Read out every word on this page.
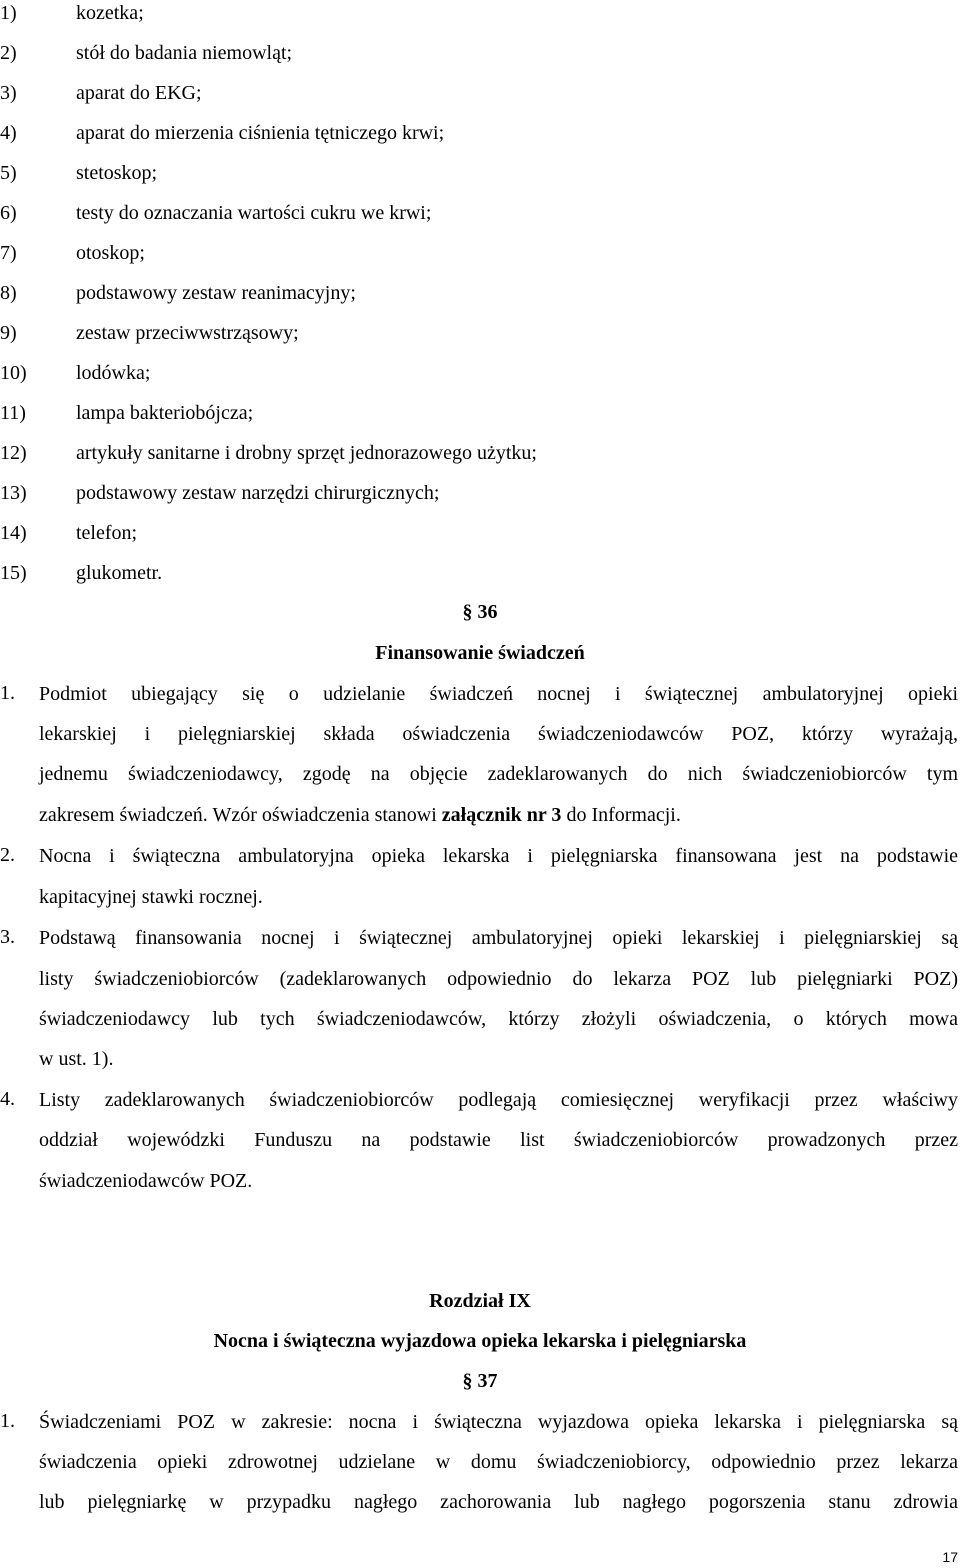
1)	kozetka;
2)	stół do badania niemowląt;
3)	aparat do EKG;
4)	aparat do mierzenia ciśnienia tętniczego krwi;
5)	stetoskop;
6)	testy do oznaczania wartości cukru we krwi;
7)	otoskop;
8)	podstawowy zestaw reanimacyjny;
9)	zestaw przeciwwstrząsowy;
10)	lodówka;
11)	lampa bakteriobójcza;
12)	artykuły sanitarne i drobny sprzęt jednorazowego użytku;
13)	podstawowy zestaw narzędzi chirurgicznych;
14)	telefon;
15)	glukometr.
§ 36
Finansowanie świadczeń
1. Podmiot ubiegający się o udzielanie świadczeń nocnej i świątecznej ambulatoryjnej opieki
lekarskiej i pielęgniarskiej składa oświadczenia świadczeniodawców POZ, którzy wyrażają,
jednemu świadczeniodawcy, zgodę na objęcie zadeklarowanych do nich świadczeniobiorców tym
zakresem świadczeń. Wzór oświadczenia stanowi załącznik nr 3 do Informacji.
2. Nocna i świąteczna ambulatoryjna opieka lekarska i pielęgniarska finansowana jest na podstawie
kapitacyjnej stawki rocznej.
3. Podstawą finansowania nocnej i świątecznej ambulatoryjnej opieki lekarskiej i pielęgniarskiej są
listy świadczeniobiorców (zadeklarowanych odpowiednio do lekarza POZ lub pielęgniarki POZ)
świadczeniodawcy lub tych świadczeniodawców, którzy złożyli oświadczenia, o których mowa
w ust. 1).
4. Listy zadeklarowanych świadczeniobiorców podlegają comiesięcznej weryfikacji przez właściwy
oddział wojewódzki Funduszu na podstawie list świadczeniobiorców prowadzonych przez
świadczeniodawców POZ.
Rozdział IX
Nocna i świąteczna wyjazdowa opieka lekarska i pielęgniarska
§ 37
1. Świadczeniami POZ w zakresie: nocna i świąteczna wyjazdowa opieka lekarska i pielęgniarska są
świadczenia opieki zdrowotnej udzielane w domu świadczeniobiorcy, odpowiednio przez lekarza
lub pielęgniarkę w przypadku nagłego zachorowania lub nagłego pogorszenia stanu zdrowia
17
